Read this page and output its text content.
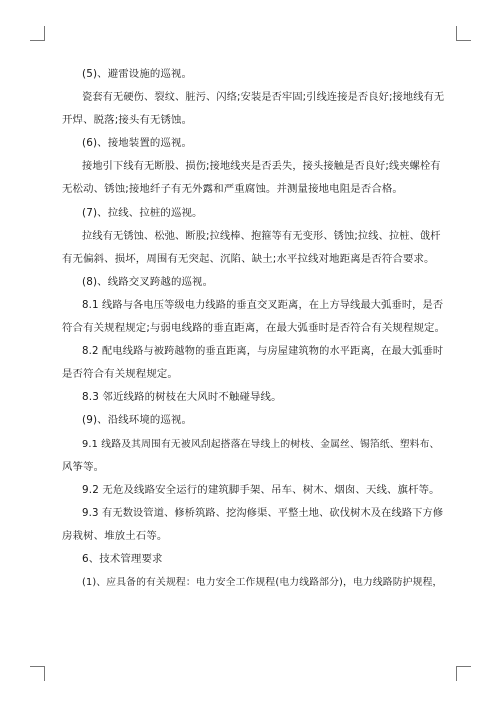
(5)、避雷设施的巡视。

瓷套有无硬伤、裂纹、脏污、闪络;安装是否牢固;引线连接是否良好;接地线有无

开焊、脱落;接头有无锈蚀。

(6)、接地装置的巡视。

接地引下线有无断股、损伤;接地线夹是否丢失，接头接触是否良好;线夹螺栓有

无松动、锈蚀;接地纤子有无外露和严重腐蚀。并测量接地电阻是否合格。

(7)、拉线、拉桩的巡视。

拉线有无锈蚀、松弛、断股;拉线棒、抱箍等有无变形、锈蚀;拉线、拉桩、戗杆

有无偏斜、损坏，周围有无突起、沉陷、缺土;水平拉线对地距离是否符合要求。

(8)、线路交叉跨越的巡视。

8.1 线路与各电压等级电力线路的垂直交叉距离，在上方导线最大弧垂时，是否

符合有关规程规定;与弱电线路的垂直距离，在最大弧垂时是否符合有关规程规定。

8.2 配电线路与被跨越物的垂直距离，与房屋建筑物的水平距离，在最大弧垂时

是否符合有关规程规定。

8.3 邻近线路的树枝在大风时不触碰导线。

(9)、沿线环境的巡视。

9.1 线路及其周围有无被风刮起搭落在导线上的树枝、金属丝、锡箔纸、塑料布、

风筝等。

9.2 无危及线路安全运行的建筑脚手架、吊车、树木、烟囱、天线、旗杆等。

9.3 有无数设管道、修桥筑路、挖沟修渠、平整土地、砍伐树木及在线路下方修

房栽树、堆放土石等。

6、技术管理要求

(1)、应具备的有关规程：电力安全工作规程(电力线路部分)，电力线路防护规程，
